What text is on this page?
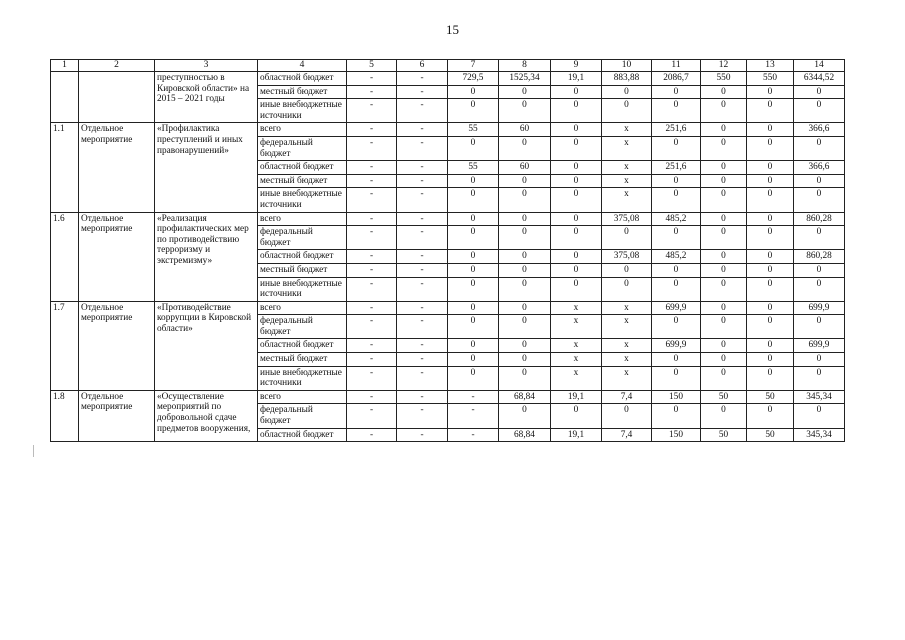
15
1	2	3	4	5	6	7	8	9	10	11	12	13	14
		преступностью в Кировской области» на 2015 – 2021 годы	областной бюджет	-	-	729,5	1525,34	19,1	883,88	2086,7	550	550	6344,52
			местный бюджет	-	-	0	0	0	0	0	0	0	0
			иные внебюджетные источники	-	-	0	0	0	0	0	0	0	0
1.1	Отдельное мероприятие	«Профилактика преступлений и иных правонарушений»	всего	-	-	55	60	0	x	251,6	0	0	366,6
			федеральный бюджет	-	-	0	0	0	x	0	0	0	0
			областной бюджет	-	-	55	60	0	x	251,6	0	0	366,6
			местный бюджет	-	-	0	0	0	x	0	0	0	0
			иные внебюджетные источники	-	-	0	0	0	x	0	0	0	0
1.6	Отдельное мероприятие	«Реализация профилактических мер по противодействию терроризму и экстремизму»	всего	-	-	0	0	0	375,08	485,2	0	0	860,28
			федеральный бюджет	-	-	0	0	0	0	0	0	0	0
			областной бюджет	-	-	0	0	0	375,08	485,2	0	0	860,28
			местный бюджет	-	-	0	0	0	0	0	0	0	0
			иные внебюджетные источники	-	-	0	0	0	0	0	0	0	0
1.7	Отдельное мероприятие	«Противодействие коррупции в Кировской области»	всего	-	-	0	0	x	x	699,9	0	0	699,9
			федеральный бюджет	-	-	0	0	x	x	0	0	0	0
			областной бюджет	-	-	0	0	x	x	699,9	0	0	699,9
			местный бюджет	-	-	0	0	x	x	0	0	0	0
			иные внебюджетные источники	-	-	0	0	x	x	0	0	0	0
1.8	Отдельное мероприятие	«Осуществление мероприятий по добровольной сдаче предметов вооружения,	всего	-	-	-	68,84	19,1	7,4	150	50	50	345,34
			федеральный бюджет	-	-	-	0	0	0	0	0	0	0
			областной бюджет	-	-	-	68,84	19,1	7,4	150	50	50	345,34
